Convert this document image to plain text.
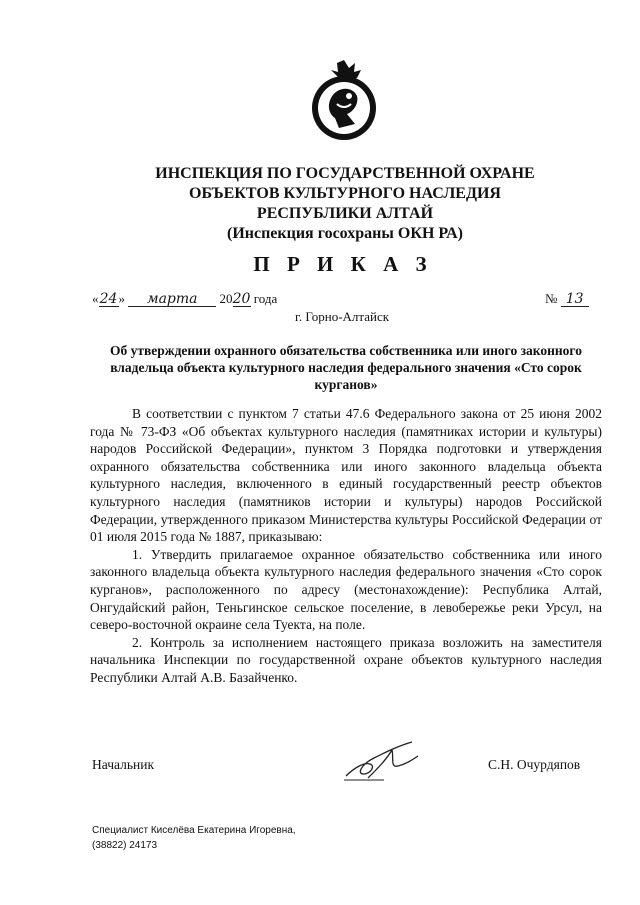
ИНСПЕКЦИЯ ПО ГОСУДАРСТВЕННОЙ ОХРАНЕ
ОБЪЕКТОВ КУЛЬТУРНОГО НАСЛЕДИЯ
РЕСПУБЛИКИ АЛТАЙ
(Инспекция госохраны ОКН РА)
П Р И К А З
«24» марта 2020 года	№ 13
г. Горно-Алтайск
Об утверждении охранного обязательства собственника или иного законного владельца объекта культурного наследия федерального значения «Сто сорок курганов»

В соответствии с пунктом 7 статьи 47.6 Федерального закона от 25 июня 2002 года № 73-ФЗ «Об объектах культурного наследия (памятниках истории и культуры) народов Российской Федерации», пунктом 3 Порядка подготовки и утверждения охранного обязательства собственника или иного законного владельца объекта культурного наследия, включенного в единый государственный реестр объектов культурного наследия (памятников истории и культуры) народов Российской Федерации, утвержденного приказом Министерства культуры Российской Федерации от 01 июля 2015 года № 1887, приказываю:

1. Утвердить прилагаемое охранное обязательство собственника или иного законного владельца объекта культурного наследия федерального значения «Сто сорок курганов», расположенного по адресу (местонахождение): Республика Алтай, Онгудайский район, Теньгинское сельское поселение, в левобережье реки Урсул, на северо-восточной окраине села Туекта, на поле.

2. Контроль за исполнением настоящего приказа возложить на заместителя начальника Инспекции по государственной охране объектов культурного наследия Республики Алтай А.В. Базайченко.

Начальник	С.Н. Очурдяпов
Специалист Киселёва Екатерина Игоревна,
(38822) 24173
